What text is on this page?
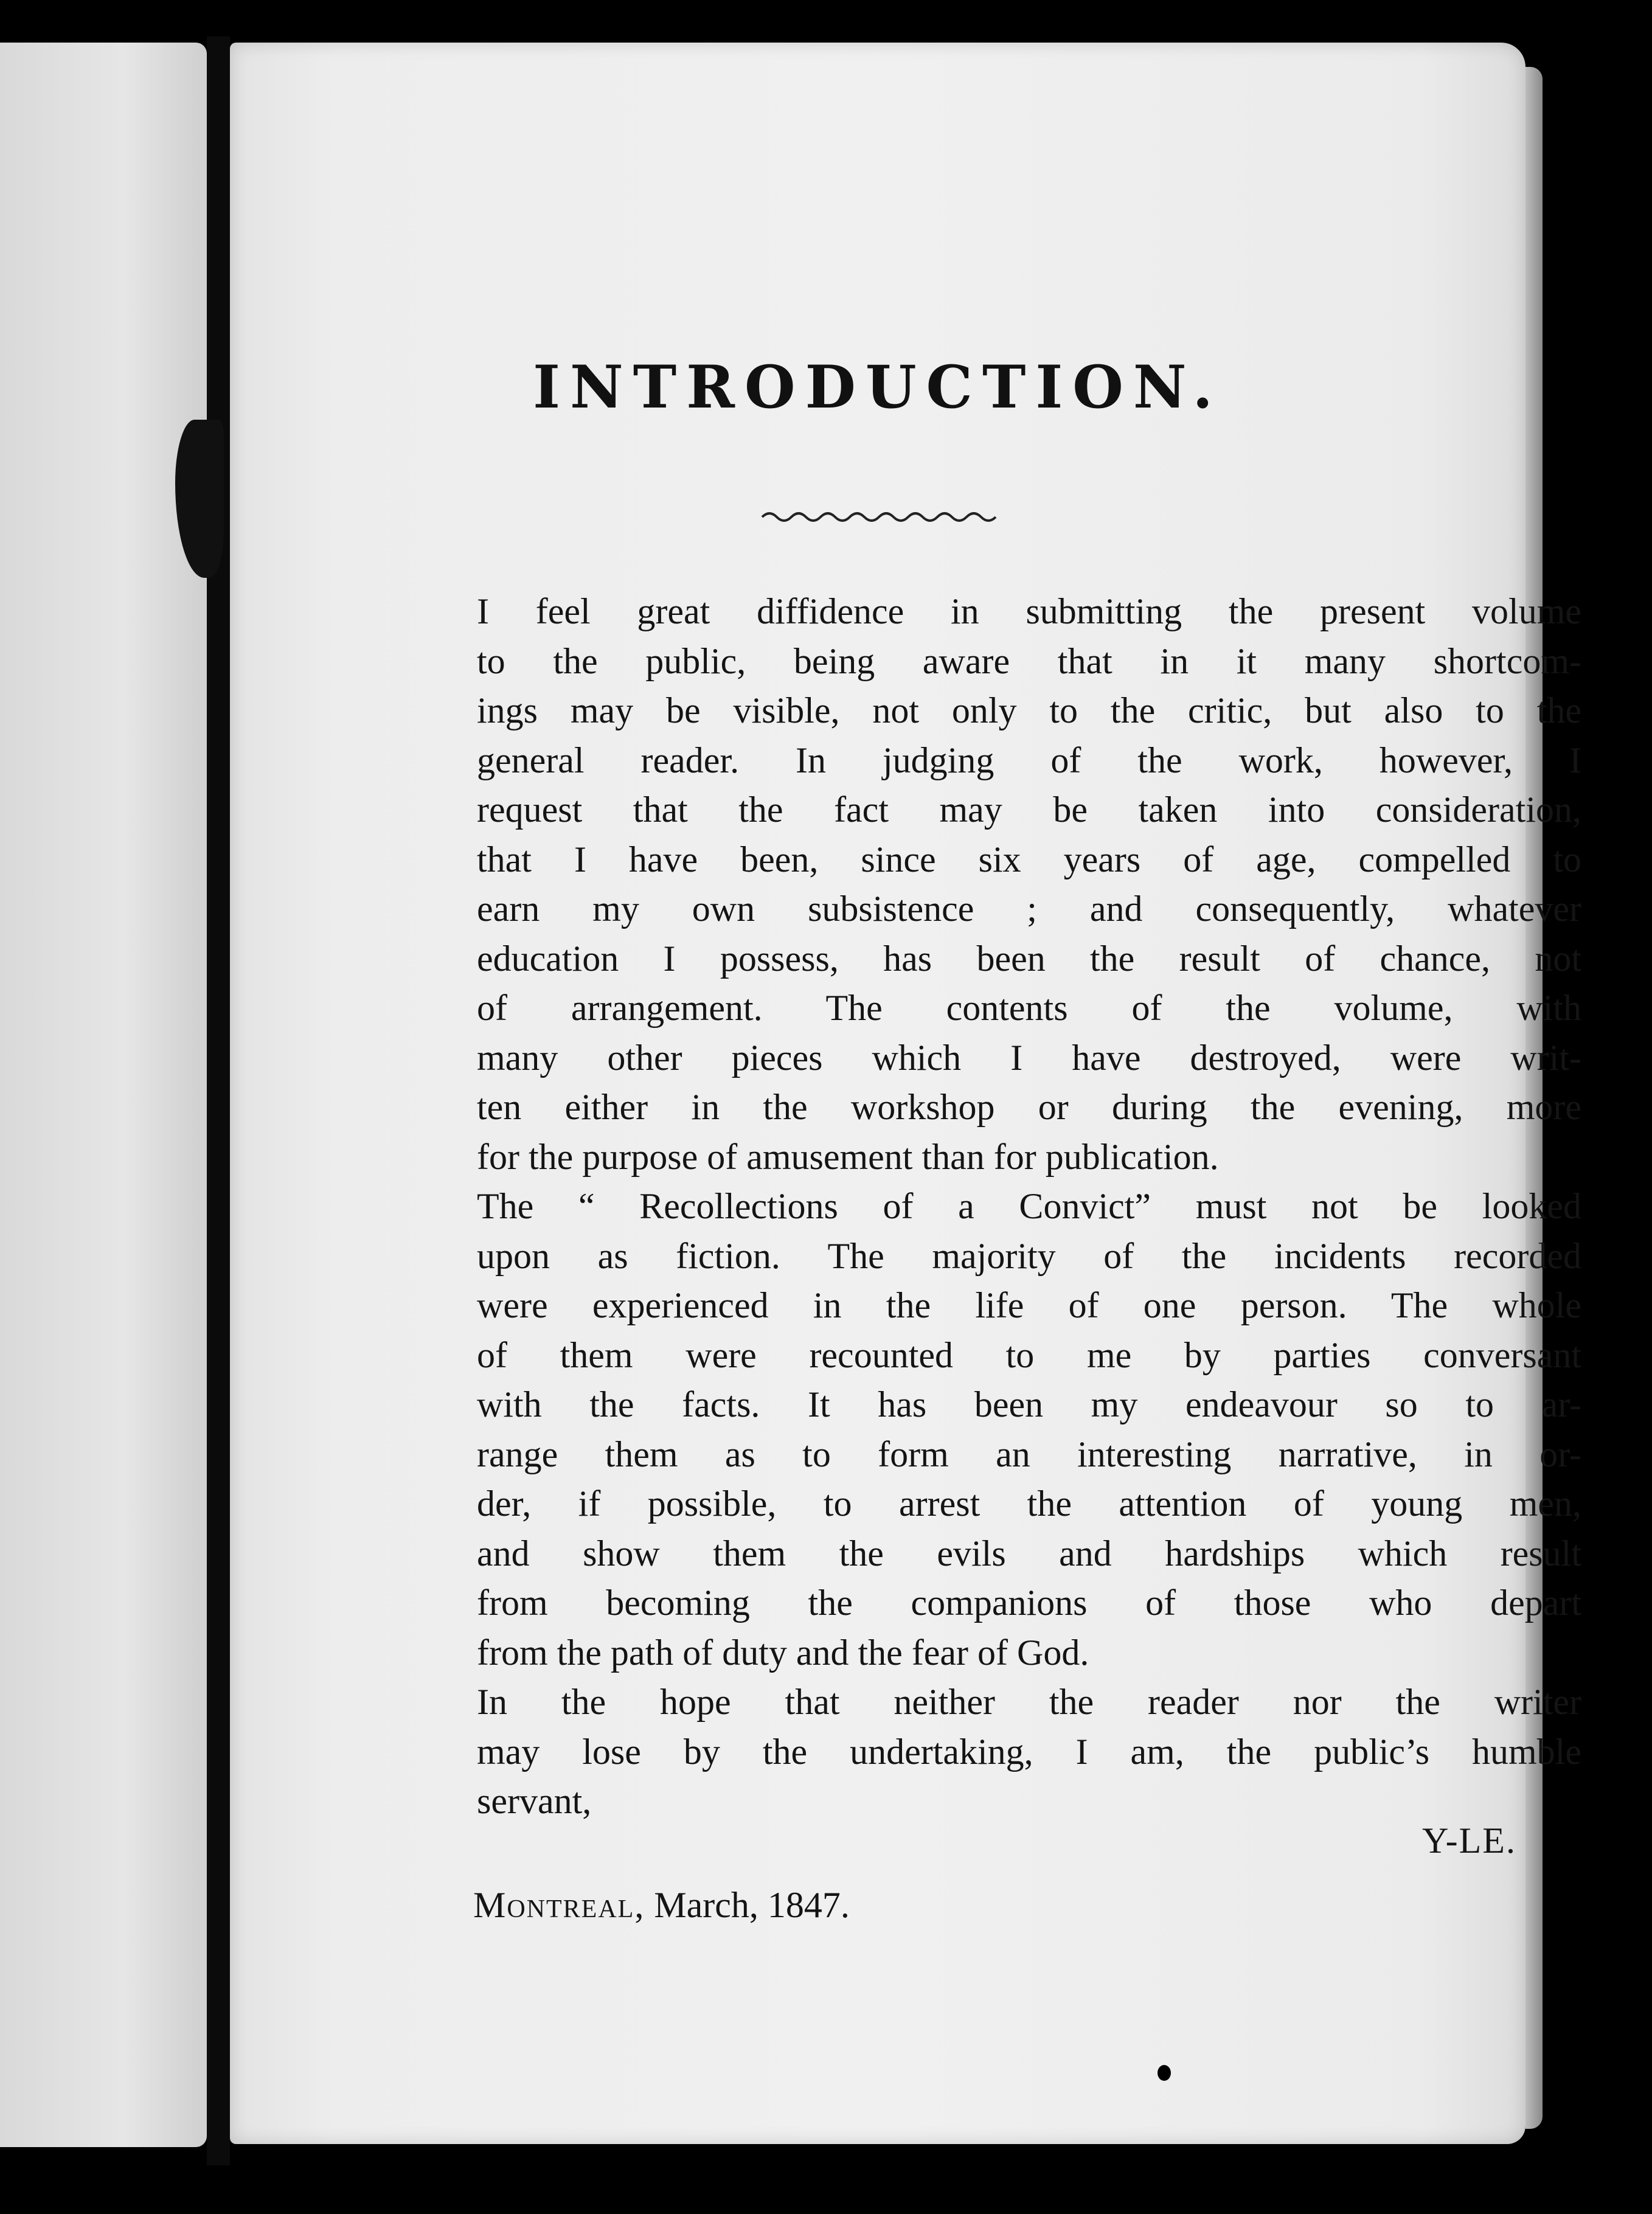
INTRODUCTION.

I feel great diffidence in submitting the present volume
to the public, being aware that in it many shortcom-
ings may be visible, not only to the critic, but also to the
general reader. In judging of the work, however, I
request that the fact may be taken into consideration,
that I have been, since six years of age, compelled to
earn my own subsistence ; and consequently, whatever
education I possess, has been the result of chance, not
of arrangement. The contents of the volume, with
many other pieces which I have destroyed, were writ-
ten either in the workshop or during the evening, more
for the purpose of amusement than for publication.

The “ Recollections of a Convict” must not be looked
upon as fiction. The majority of the incidents recorded
were experienced in the life of one person. The whole
of them were recounted to me by parties conversant
with the facts. It has been my endeavour so to ar-
range them as to form an interesting narrative, in or-
der, if possible, to arrest the attention of young men,
and show them the evils and hardships which result
from becoming the companions of those who depart
from the path of duty and the fear of God.

In the hope that neither the reader nor the writer
may lose by the undertaking, I am, the public’s humble
servant,

Y-LE.
Montreal, March, 1847.
